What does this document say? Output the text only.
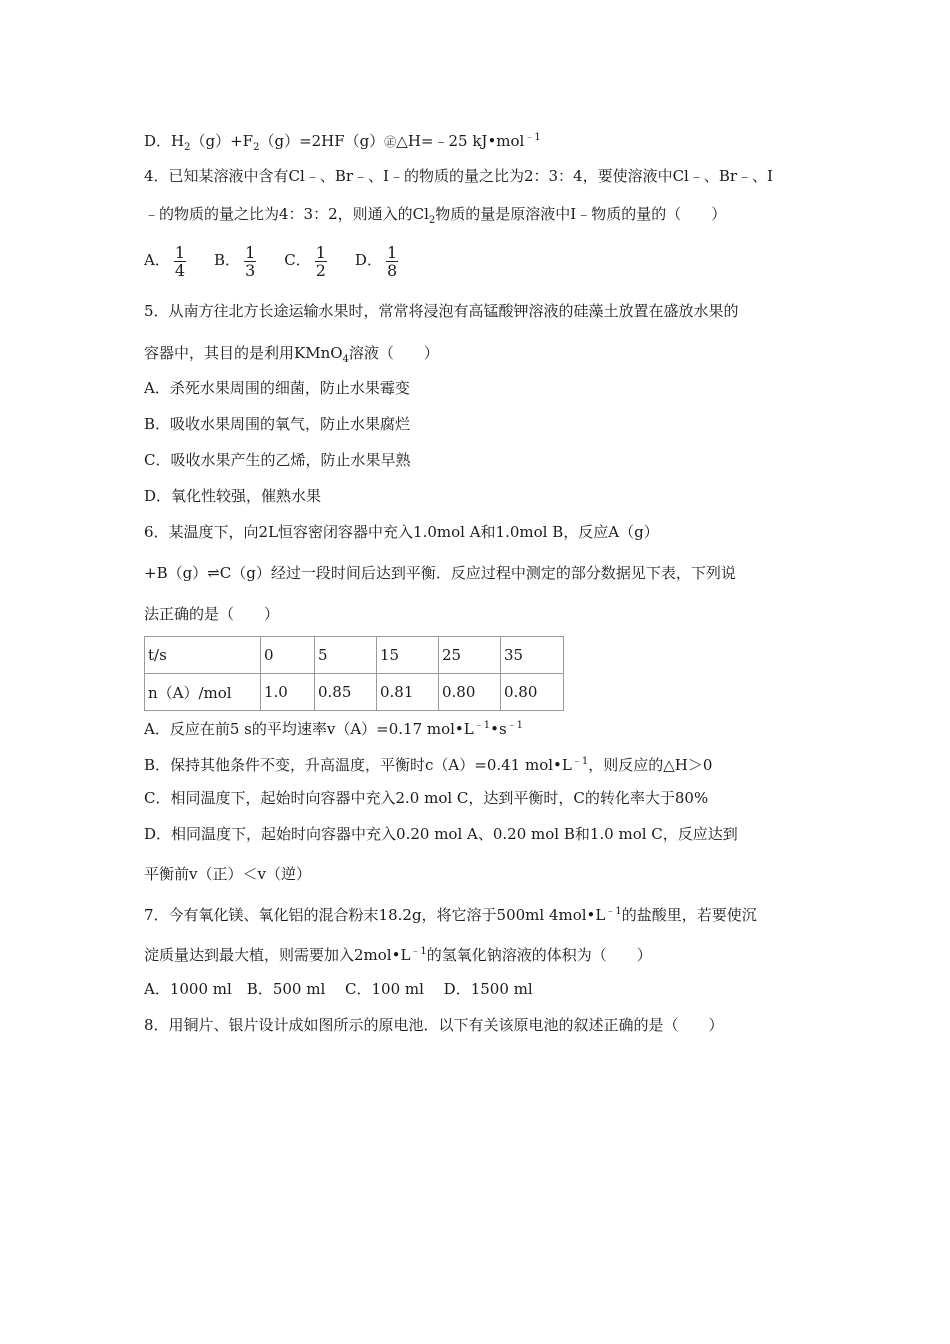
D．$H_2(g)+F_2(g)=2HF(g)㊣\triangle H=﹣25$ kJ•mol$^{﹣1}$
4．已知某溶液中含有Cl﹣、Br﹣、I﹣的物质的量之比为2：3：4，要使溶液中Cl﹣、Br﹣、I
﹣的物质的量之比为4：3：2，则通入的$Cl_2$物质的量是原溶液中I﹣物质的量的（　　）
A． $\frac{1}{4}$ B． $\frac{1}{3}$ C． $\frac{1}{2}$ D． $\frac{1}{8}$
5．从南方往北方长途运输水果时，常常将浸泡有高锰酸钾溶液的硅藻土放置在盛放水果的
容器中，其目的是利用KMnO$_4$溶液（　　）
A．杀死水果周围的细菌，防止水果霉变
B．吸收水果周围的氧气，防止水果腐烂
C．吸收水果产生的乙烯，防止水果早熟
D．氧化性较强，催熟水果
6．某温度下，向2L恒容密闭容器中充入1.0mol A和1.0mol B，反应A（g）
+B（g）⇌C（g）经过一段时间后达到平衡．反应过程中测定的部分数据见下表，下列说
法正确的是（　　）
t/s	0	5	15	25	35
n（A）/mol	1.0	0.85	0.81	0.80	0.80
A．反应在前5 s的平均速率v（A）=0.17 $mol•L^{﹣1}•s^{﹣1}$
B．保持其他条件不变，升高温度，平衡时c（A）=0.41 $mol•L^{﹣1}$，则反应的△H＞0
C．相同温度下，起始时向容器中充入2.0 mol C，达到平衡时，C的转化率大于80%
D．相同温度下，起始时向容器中充入0.20 mol A、0.20 mol B和1.0 mol C，反应达到
平衡前v（正）＜v（逆）
7．今有氧化镁、氧化铝的混合粉末18.2g，将它溶于500ml $4mol•L^{﹣1}$的盐酸里，若要使沉
淀质量达到最大植，则需要加入$2mol•L^{﹣1}$的氢氧化钠溶液的体积为（　　）
A．1000 ml　B．500 ml　 C．100 ml　 D．1500 ml
8．用铜片、银片设计成如图所示的原电池．以下有关该原电池的叙述正确的是（　　）
